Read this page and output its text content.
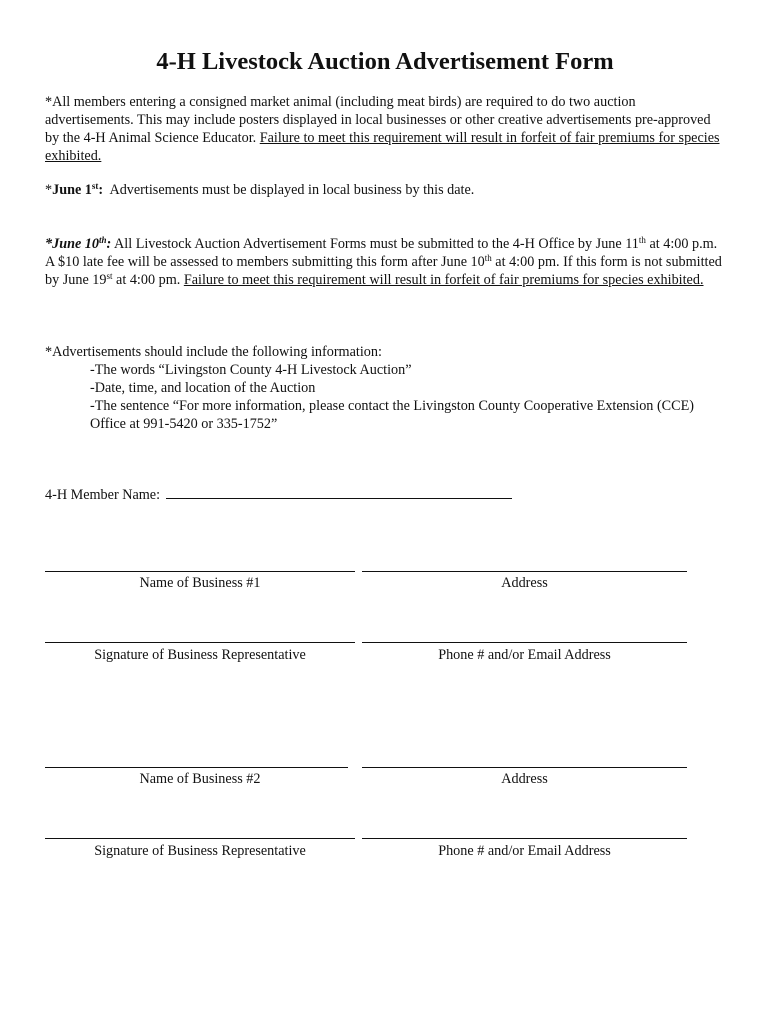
4-H Livestock Auction Advertisement Form

*All members entering a consigned market animal (including meat birds) are required to do two auction advertisements. This may include posters displayed in local businesses or other creative advertisements pre-approved by the 4-H Animal Science Educator. Failure to meet this requirement will result in forfeit of fair premiums for species exhibited.

*June 1st: Advertisements must be displayed in local business by this date.

*June 10th: All Livestock Auction Advertisement Forms must be submitted to the 4-H Office by June 11th at 4:00 p.m. A $10 late fee will be assessed to members submitting this form after June 10th at 4:00 pm. If this form is not submitted by June 19st at 4:00 pm. Failure to meet this requirement will result in forfeit of fair premiums for species exhibited.

*Advertisements should include the following information:
-The words “Livingston County 4-H Livestock Auction”
-Date, time, and location of the Auction
-The sentence “For more information, please contact the Livingston County Cooperative Extension (CCE) Office at 991-5420 or 335-1752”
4-H Member Name:
Name of Business #1	Address
Signature of Business Representative	Phone # and/or Email Address
Name of Business #2	Address
Signature of Business Representative	Phone # and/or Email Address
